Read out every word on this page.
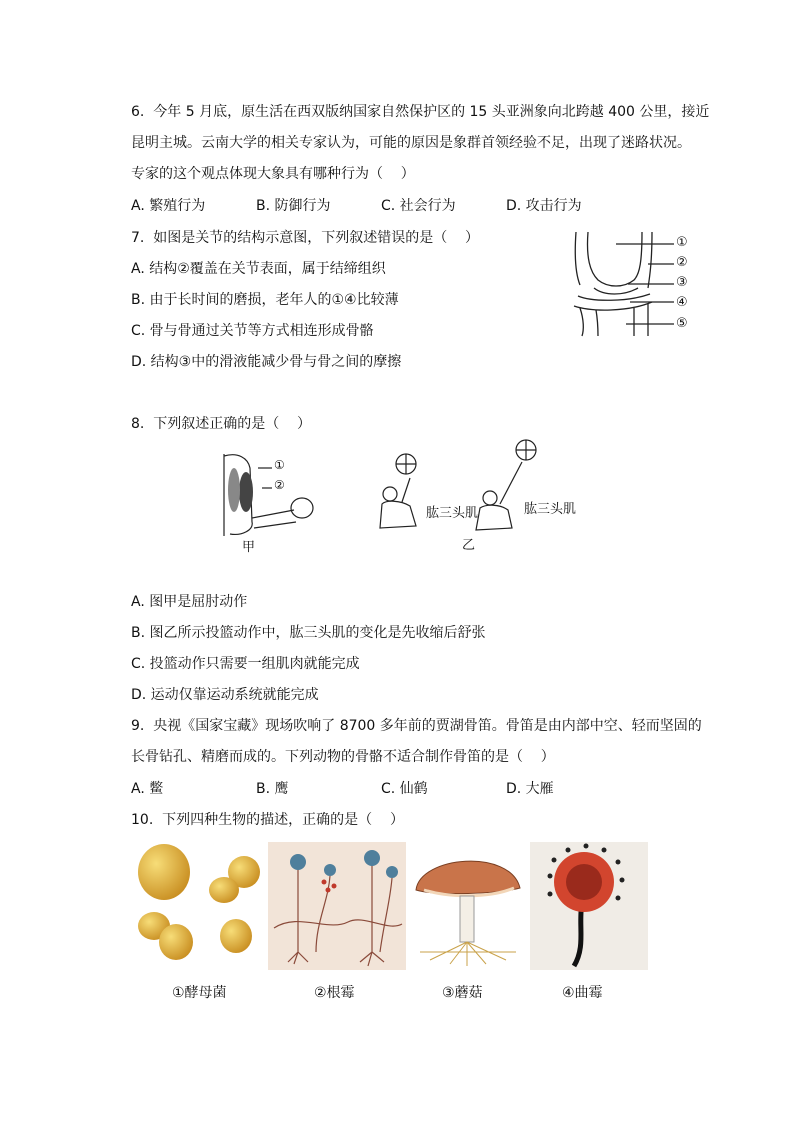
6.  今年 5 月底，原生活在西双版纳国家自然保护区的 15 头亚洲象向北跨越 400 公里，接近
昆明主城。云南大学的相关专家认为，可能的原因是象群首领经验不足，出现了迷路状况。
专家的这个观点体现大象具有哪种行为（    ）
A. 繁殖行为	B. 防御行为	C. 社会行为	D. 攻击行为
7.  如图是关节的结构示意图，下列叙述错误的是（    ）
A. 结构②覆盖在关节表面，属于结缔组织
B. 由于长时间的磨损，老年人的①④比较薄
C. 骨与骨通过关节等方式相连形成骨骼
D. 结构③中的滑液能减少骨与骨之间的摩擦
①
②
③
④
⑤
8.  下列叙述正确的是（    ）
①
②
甲
肱三头肌	肱三头肌
乙
A. 图甲是屈肘动作
B. 图乙所示投篮动作中，肱三头肌的变化是先收缩后舒张
C. 投篮动作只需要一组肌肉就能完成
D. 运动仅靠运动系统就能完成
9.  央视《国家宝藏》现场吹响了 8700 多年前的贾湖骨笛。骨笛是由内部中空、轻而坚固的
长骨钻孔、精磨而成的。下列动物的骨骼不适合制作骨笛的是（    ）
A. 鳖	B. 鹰	C. 仙鹤	D. 大雁
10.  下列四种生物的描述，正确的是（    ）
①酵母菌	②根霉	③蘑菇	④曲霉
